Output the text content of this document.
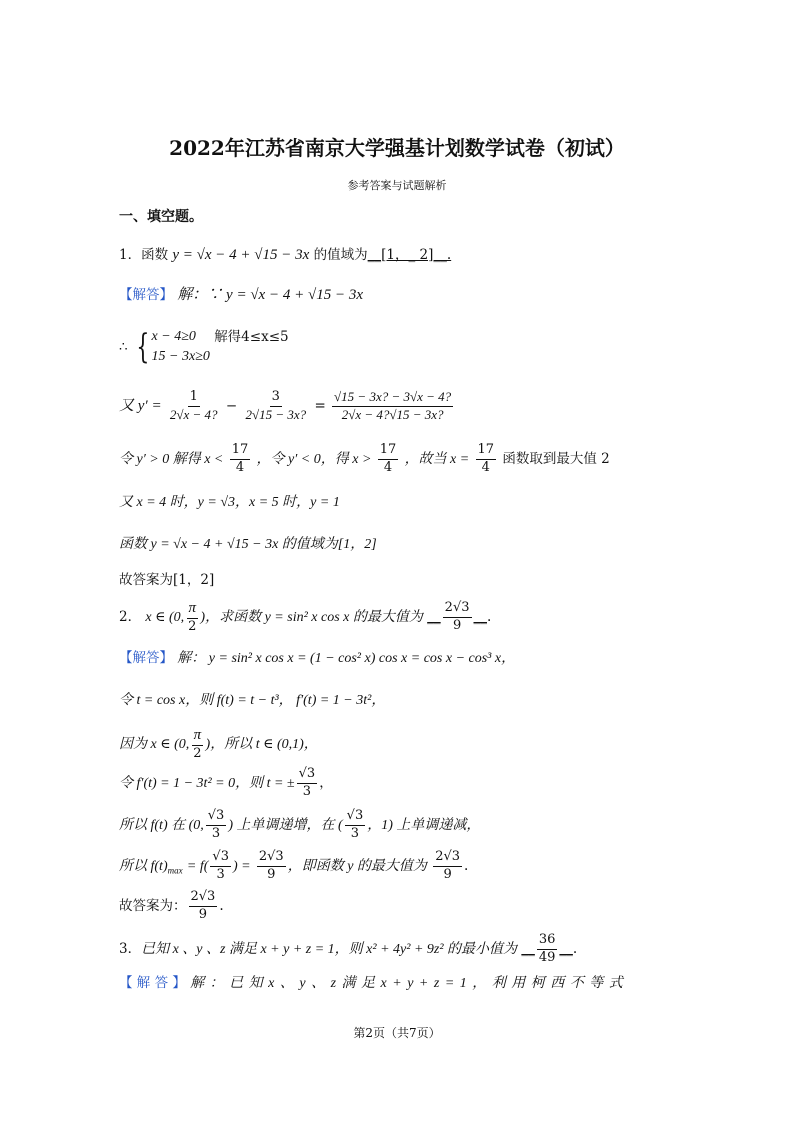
2022年江苏省南京大学强基计划数学试卷（初试）
参考答案与试题解析
一、填空题。
1．函数 y = √x − 4 + √15 − 3x 的值域为__[1，_ 2]__.
【解答】 解：∵ y = √x − 4 + √15 − 3x
∴ { x − 4≥0
15 − 3x≥0
解得4≤x≤5
又 $y' = \frac{1}{2√x - 4?} - \frac{3}{2√15 - 3x?} = \frac{√15 - 3x? - 3√x - 4?}{2√x - 4?√15 - 3x?}$
令 y′ > 0 解得 $x < \frac{17}{4}$ ，令 y′ < 0，得 $x > \frac{17}{4}$ ，故当 $x = \frac{17}{4}$ 函数取到最大值 2
又 x = 4 时，y = √3，x = 5 时，y = 1
函数 y = √x − 4 + √15 − 3x 的值域为[1，2]
故答案为[1，2]
2． x ∈ (0, $\frac{\pi}{2}$ )，求函数 y = sin² x cos x 的最大值为 __ $\frac{2√3}{9}$ __.
【解答】 解： y = sin² x cos x = (1 − cos² x) cos x = cos x − cos³ x，
令 t = cos x，则 f(t) = t − t³， f′(t) = 1 − 3t²，
因为 x ∈ (0, $\frac{\pi}{2}$ )，所以 t ∈ (0,1)，
令 f′(t) = 1 − 3t² = 0，则 t = ± $\frac{√3}{3}$ ，
所以 f(t) 在 (0, $\frac{√3}{3}$ ) 上单调递增，在 ( $\frac{√3}{3}$ ，1) 上单调递减，
所以 $f(t)_{max} = f( \frac{√3}{3}$ ) = $\frac{2√3}{9}$ ，即函数 y 的最大值为 $\frac{2√3}{9}$ .
故答案为： $\frac{2√3}{9}$ .
3．已知 x 、y 、z 满足 x + y + z = 1，则 x² + 4y² + 9z² 的最小值为 __ $\frac{36}{49}$ __.
【 解 答 】 解 ： 已 知 x 、 y 、 z 满 足 x + y + z = 1 ， 利 用 柯 西 不 等 式
第2页（共7页）
